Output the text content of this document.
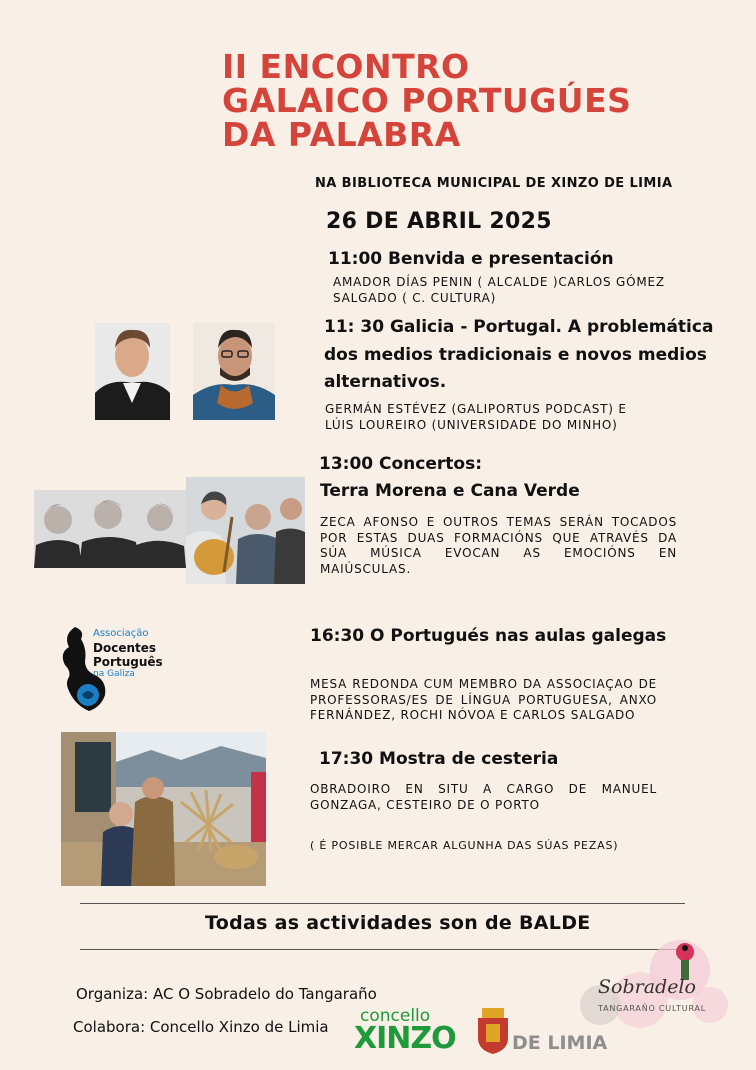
II ENCONTRO
GALAICO PORTUGÚES
DA PALABRA
NA BIBLIOTECA MUNICIPAL DE XINZO DE LIMIA
26 DE ABRIL 2025
11:00 Benvida e presentación
AMADOR DÍAS PENIN ( ALCALDE )CARLOS GÓMEZ SALGADO ( C. CULTURA)
11: 30 Galicia - Portugal. A problemática dos medios tradicionais e novos medios alternativos.
GERMÁN ESTÉVEZ (GALIPORTUS PODCAST) E LÚIS LOUREIRO (UNIVERSIDADE DO MINHO)
13:00 Concertos:
Terra Morena e Cana Verde
ZECA AFONSO E OUTROS TEMAS SERÁN TOCADOS POR ESTAS DUAS FORMACIÓNS QUE ATRAVÉS DA SÚA MÚSICA EVOCAN AS EMOCIÓNS EN MAIÚSCULAS.
Associação
Docentes
Português
na Galiza
16:30 O Portugués nas aulas galegas
MESA REDONDA CUM MEMBRO DA ASSOCIAÇAO DE PROFESSORAS/ES DE LÍNGUA PORTUGUESA, ANXO FERNÁNDEZ, ROCHI NÓVOA E CARLOS SALGADO
17:30 Mostra de cesteria
OBRADOIRO EN SITU A CARGO DE MANUEL GONZAGA, CESTEIRO DE O PORTO
( É POSIBLE MERCAR ALGUNHA DAS SÚAS PEZAS)
Todas as actividades son de BALDE
Organiza: AC O Sobradelo do Tangaraño
Colabora: Concello Xinzo de Limia
concello
XINZO	DE LIMIA
Sobradelo
TANGARAÑO CULTURAL
